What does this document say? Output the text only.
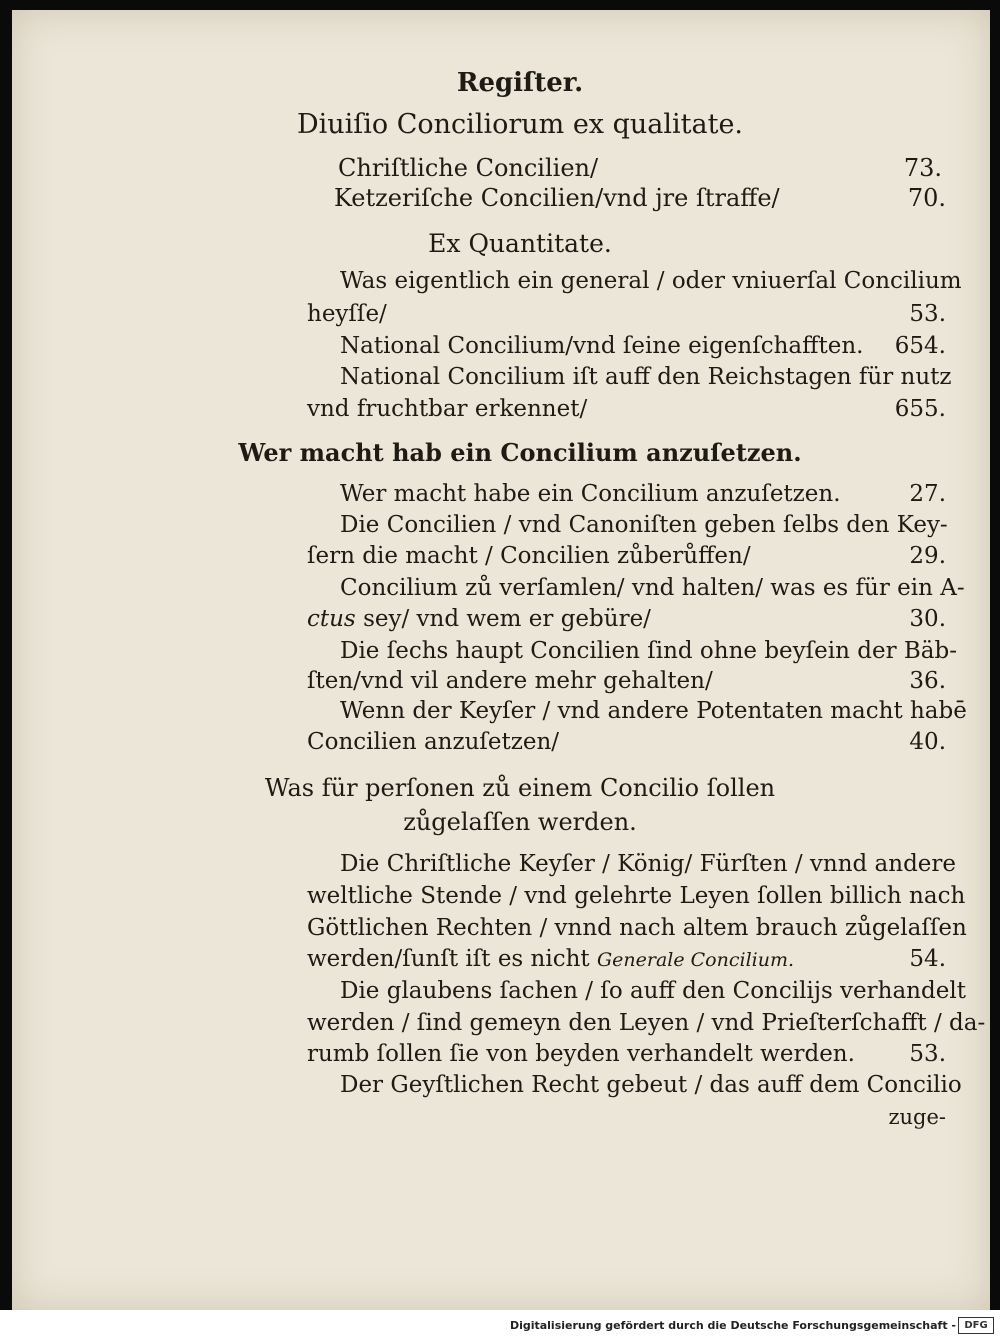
Regiſter.
Diuiſio Conciliorum ex qualitate.
Chriſtliche Concilien/	73.
Ketzeriſche Concilien/vnd jre ſtraffe/	70.
Ex Quantitate.
Was eigentlich ein general / oder vniuerſal Concilium
heyſſe/	53.
National Concilium/vnd ſeine eigenſchafften. 654.
National Concilium iſt auff den Reichstagen für nutz
vnd fruchtbar erkennet/	655.
Wer macht hab ein Concilium anzuſetzen.
Wer macht habe ein Concilium anzuſetzen.	27.
Die Concilien / vnd Canoniſten geben ſelbs den Key-
ſern die macht / Concilien zůberůffen/	29.
Concilium zů verſamlen/ vnd halten/ was es für ein A-
ctus sey/ vnd wem er gebüre/	30.
Die ſechs haupt Concilien ſind ohne beyſein der Bäb-
ſten/vnd vil andere mehr gehalten/	36.
Wenn der Keyſer / vnd andere Potentaten macht habē
Concilien anzuſetzen/	40.
Was für perſonen zů einem Concilio ſollen
zůgelaſſen werden.
Die Chriſtliche Keyſer / König/ Fürſten / vnnd andere
weltliche Stende / vnd gelehrte Leyen ſollen billich nach
Göttlichen Rechten / vnnd nach altem brauch zůgelaſſen
werden/ſunſt iſt es nicht Generale Concilium.	54.
Die glaubens ſachen / ſo auff den Concilijs verhandelt
werden / ſind gemeyn den Leyen / vnd Prieſterſchafft / da-
rumb ſollen ſie von beyden verhandelt werden. 53.
Der Geyſtlichen Recht gebeut / das auff dem Concilio
zuge-
Digitalisierung gefördert durch die Deutsche Forschungsgemeinschaft - DFG
